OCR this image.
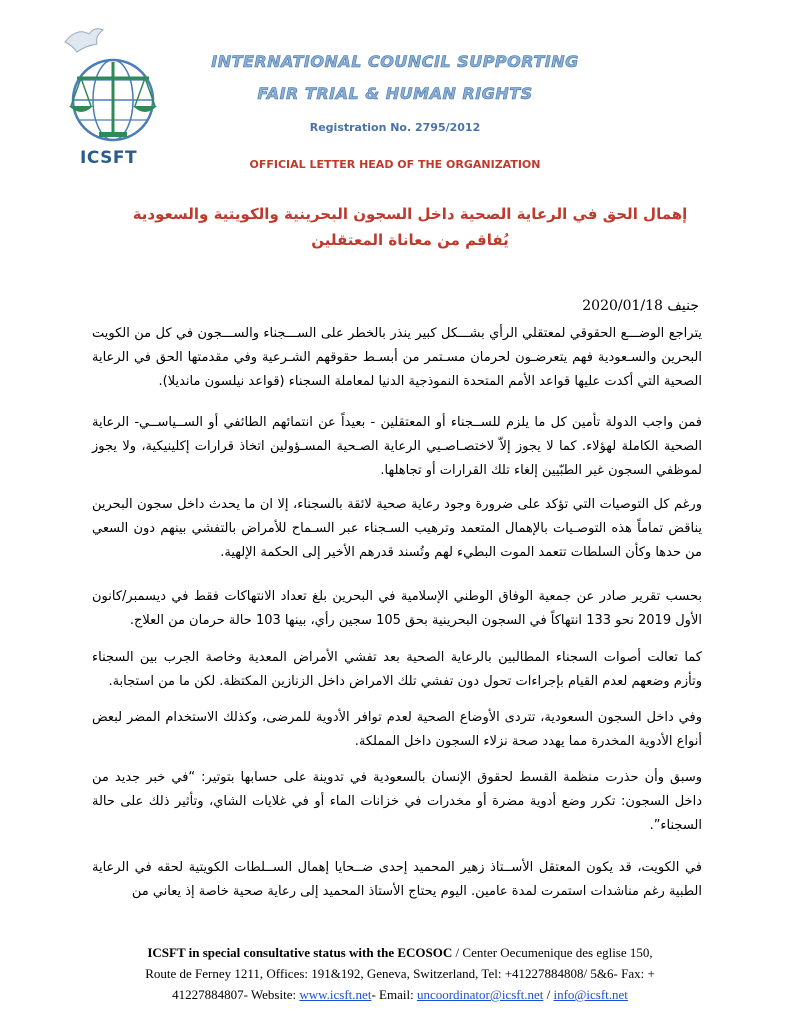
ICSFT
INTERNATIONAL COUNCIL SUPPORTING
FAIR TRIAL & HUMAN RIGHTS
Registration No. 2795/2012
OFFICIAL LETTER HEAD OF THE ORGANIZATION
إهمال الحق في الرعاية الصحية داخل السجون البحرينية والكويتية والسعودية
يُفاقم من معاناة المعتقلين
جنيف 2020/01/18
يتراجع الوضـــع الحقوقي لمعتقلي الرأي بشـــكل كبير ينذر بالخطر على الســـجناء والســـجون في كل من الكويت البحرين والسـعودية فهم يتعرضـون لحرمان مسـتمر من أبسـط حقوقهم الشـرعية وفي مقدمتها الحق في الرعاية الصحية التي أكدت عليها قواعد الأمم المتحدة النموذجية الدنيا لمعاملة السجناء (قواعد نيلسون مانديلا).
فمن واجب الدولة تأمين كل ما يلزم للســجناء أو المعتقلين - بعيداً عن انتمائهم الطائفي أو الســياســي- الرعاية الصحية الكاملة لهؤلاء. كما لا يجوز إلاّ لاختصـاصـيي الرعاية الصـحية المسـؤولين اتخاذ قرارات إكلينيكية، ولا يجوز لموظفي السجون غير الطبّيين إلغاء تلك القرارات أو تجاهلها.
ورغم كل التوصيات التي تؤكد على ضرورة وجود رعاية صحية لائقة بالسجناء، إلا ان ما يحدث داخل سجون البحرين يناقض تماماً هذه التوصـيات بالإهمال المتعمد وترهيب السـجناء عبر السـماح للأمراض بالتفشي بينهم دون السعي من حدها وكأن السلطات تتعمد الموت البطيء لهم وتُسند قدرهم الأخير إلى الحكمة الإلهية.
بحسب تقرير صادر عن جمعية الوفاق الوطني الإسلامية في البحرين بلغ تعداد الانتهاكات فقط في ديسمبر/كانون الأول 2019 نحو 133 انتهاكاً في السجون البحرينية بحق 105 سجين رأي، بينها 103 حالة حرمان من العلاج.
كما تعالت أصوات السجناء المطالبين بالرعاية الصحية بعد تفشي الأمراض المعدية وخاصة الجرب بين السجناء وتأزم وضعهم لعدم القيام بإجراءات تحول دون تفشي تلك الامراض داخل الزنازين المكتظة. لكن ما من استجابة.
وفي داخل السجون السعودية، تتردى الأوضاع الصحية لعدم توافر الأدوية للمرضى، وكذلك الاستخدام المضر لبعض أنواع الأدوية المخدرة مما يهدد صحة نزلاء السجون داخل المملكة.
وسبق وأن حذرت منظمة القسط لحقوق الإنسان بالسعودية في تدوينة على حسابها بتوتير: “في خبر جديد من داخل السجون: تكرر وضع أدوية مضرة أو مخدرات في خزانات الماء أو في غلايات الشاي، وتأثير ذلك على حالة السجناء”.
في الكويت، قد يكون المعتقل الأســتاذ زهير المحميد إحدى ضــحايا إهمال الســلطات الكويتية لحقه في الرعاية الطبية رغم مناشدات استمرت لمدة عامين. اليوم يحتاج الأستاذ المحميد إلى رعاية صحية خاصة إذ يعاني من
ICSFT in special consultative status with the ECOSOC / Center Oecumenique des eglise 150,
Route de Ferney 1211, Offices: 191&192, Geneva, Switzerland, Tel: +41227884808/ 5&6- Fax: +
41227884807- Website: www.icsft.net- Email: uncoordinator@icsft.net / info@icsft.net
